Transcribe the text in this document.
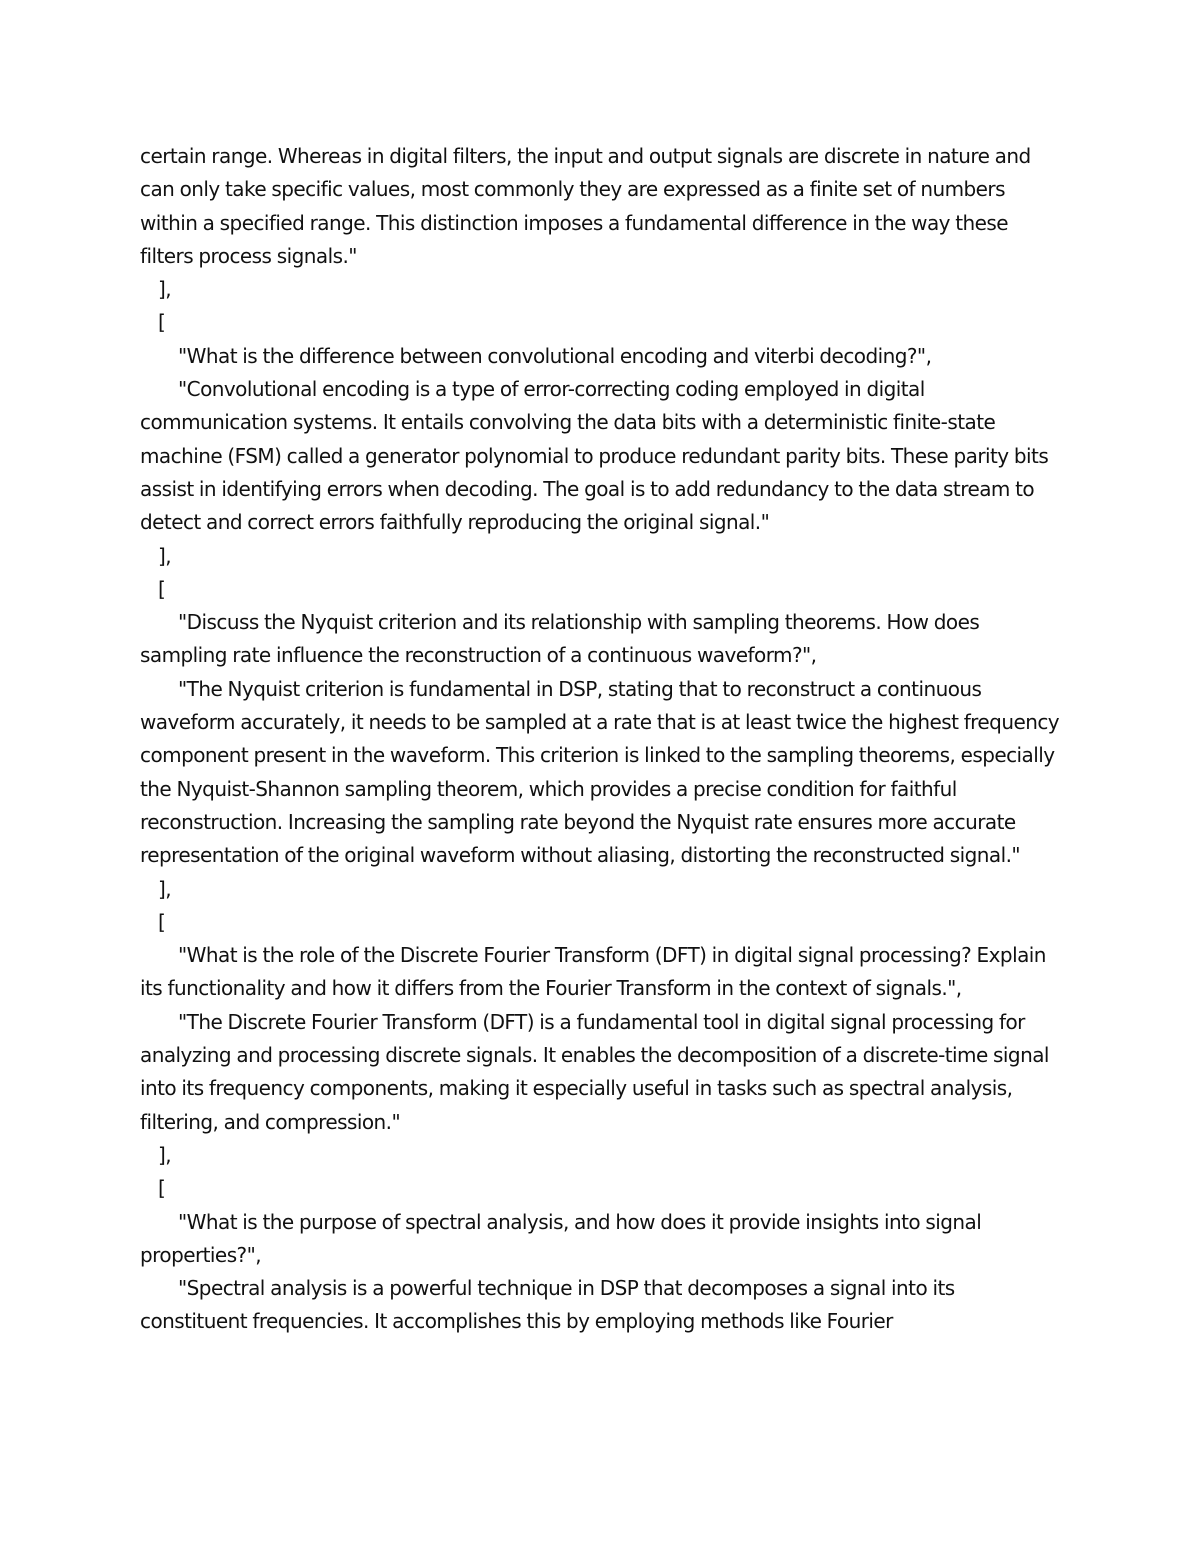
certain range. Whereas in digital filters, the input and output signals are discrete in nature and can only take specific values, most commonly they are expressed as a finite set of numbers within a specified range. This distinction imposes a fundamental difference in the way these filters process signals."

],

[

"What is the difference between convolutional encoding and viterbi decoding?",

"Convolutional encoding is a type of error-correcting coding employed in digital communication systems. It entails convolving the data bits with a deterministic finite-state machine (FSM) called a generator polynomial to produce redundant parity bits. These parity bits assist in identifying errors when decoding. The goal is to add redundancy to the data stream to detect and correct errors faithfully reproducing the original signal."

],

[

"Discuss the Nyquist criterion and its relationship with sampling theorems. How does sampling rate influence the reconstruction of a continuous waveform?",

"The Nyquist criterion is fundamental in DSP, stating that to reconstruct a continuous waveform accurately, it needs to be sampled at a rate that is at least twice the highest frequency component present in the waveform. This criterion is linked to the sampling theorems, especially the Nyquist-Shannon sampling theorem, which provides a precise condition for faithful reconstruction. Increasing the sampling rate beyond the Nyquist rate ensures more accurate representation of the original waveform without aliasing, distorting the reconstructed signal."

],

[

"What is the role of the Discrete Fourier Transform (DFT) in digital signal processing? Explain its functionality and how it differs from the Fourier Transform in the context of signals.",

"The Discrete Fourier Transform (DFT) is a fundamental tool in digital signal processing for analyzing and processing discrete signals. It enables the decomposition of a discrete-time signal into its frequency components, making it especially useful in tasks such as spectral analysis, filtering, and compression."

],

[

"What is the purpose of spectral analysis, and how does it provide insights into signal properties?",

"Spectral analysis is a powerful technique in DSP that decomposes a signal into its constituent frequencies. It accomplishes this by employing methods like Fourier
